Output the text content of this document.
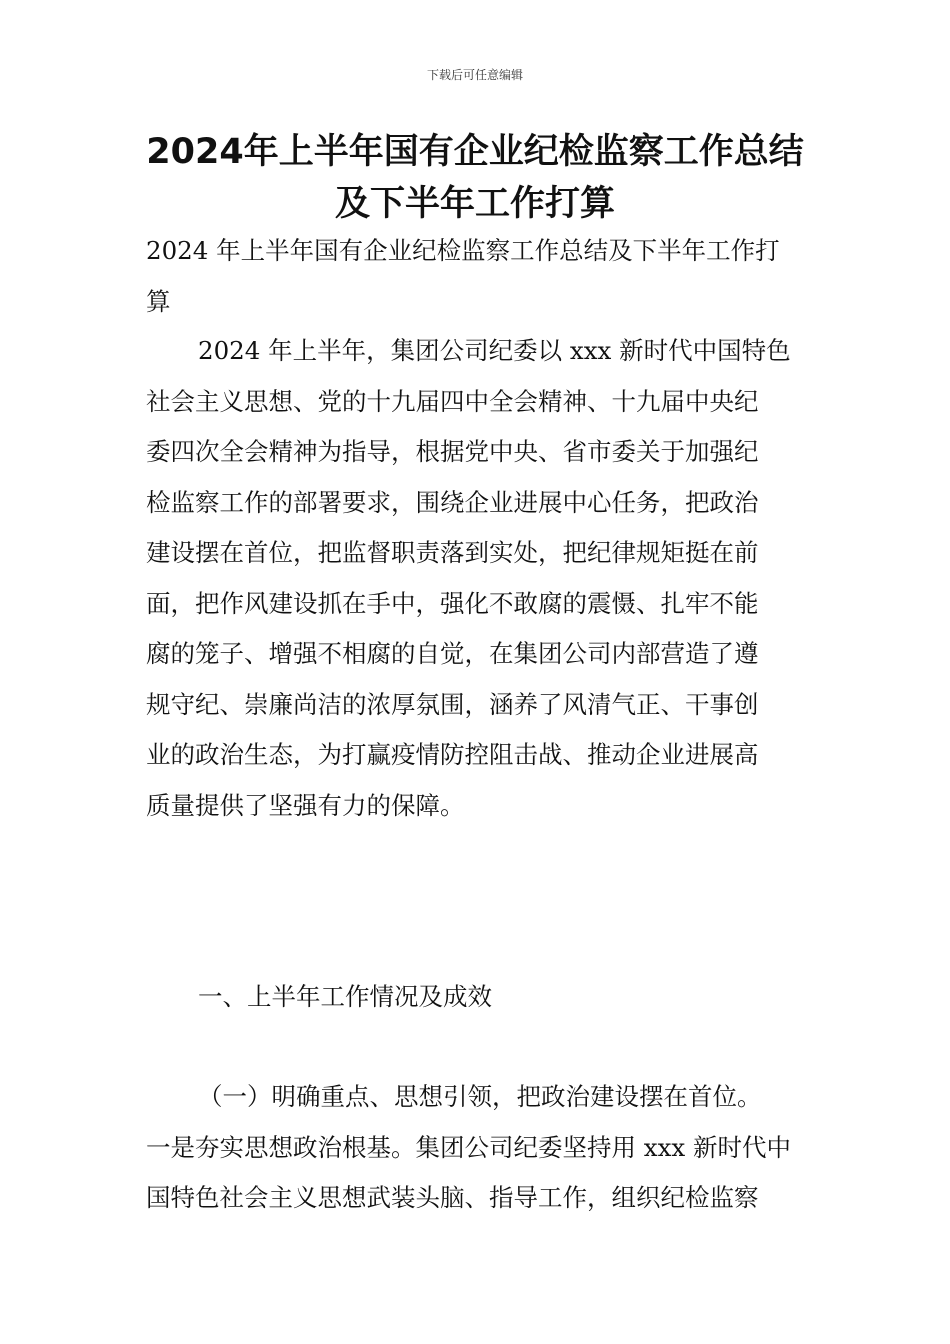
下载后可任意编辑
2024年上半年国有企业纪检监察工作总结
及下半年工作打算
2024 年上半年国有企业纪检监察工作总结及下半年工作打
算
2024 年上半年，集团公司纪委以 xxx 新时代中国特色
社会主义思想、党的十九届四中全会精神、十九届中央纪
委四次全会精神为指导，根据党中央、省市委关于加强纪
检监察工作的部署要求，围绕企业进展中心任务，把政治
建设摆在首位，把监督职责落到实处，把纪律规矩挺在前
面，把作风建设抓在手中，强化不敢腐的震慑、扎牢不能
腐的笼子、增强不相腐的自觉，在集团公司内部营造了遵
规守纪、崇廉尚洁的浓厚氛围，涵养了风清气正、干事创
业的政治生态，为打赢疫情防控阻击战、推动企业进展高
质量提供了坚强有力的保障。
一、上半年工作情况及成效
（一）明确重点、思想引领，把政治建设摆在首位。
一是夯实思想政治根基。集团公司纪委坚持用 xxx 新时代中
国特色社会主义思想武装头脑、指导工作，组织纪检监察
